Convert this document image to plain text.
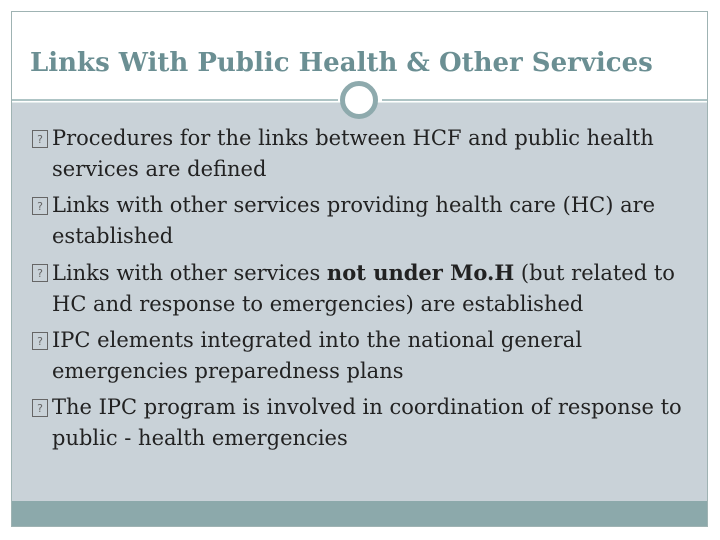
Links With Public Health & Other Services
? Procedures for the links between HCF and public health services are defined
? Links with other services providing health care (HC) are established
? Links with other services not under Mo.H (but related to HC and response to emergencies) are established
? IPC elements integrated into the national general emergencies preparedness plans
? The IPC program is involved in coordination of response to public - health emergencies
